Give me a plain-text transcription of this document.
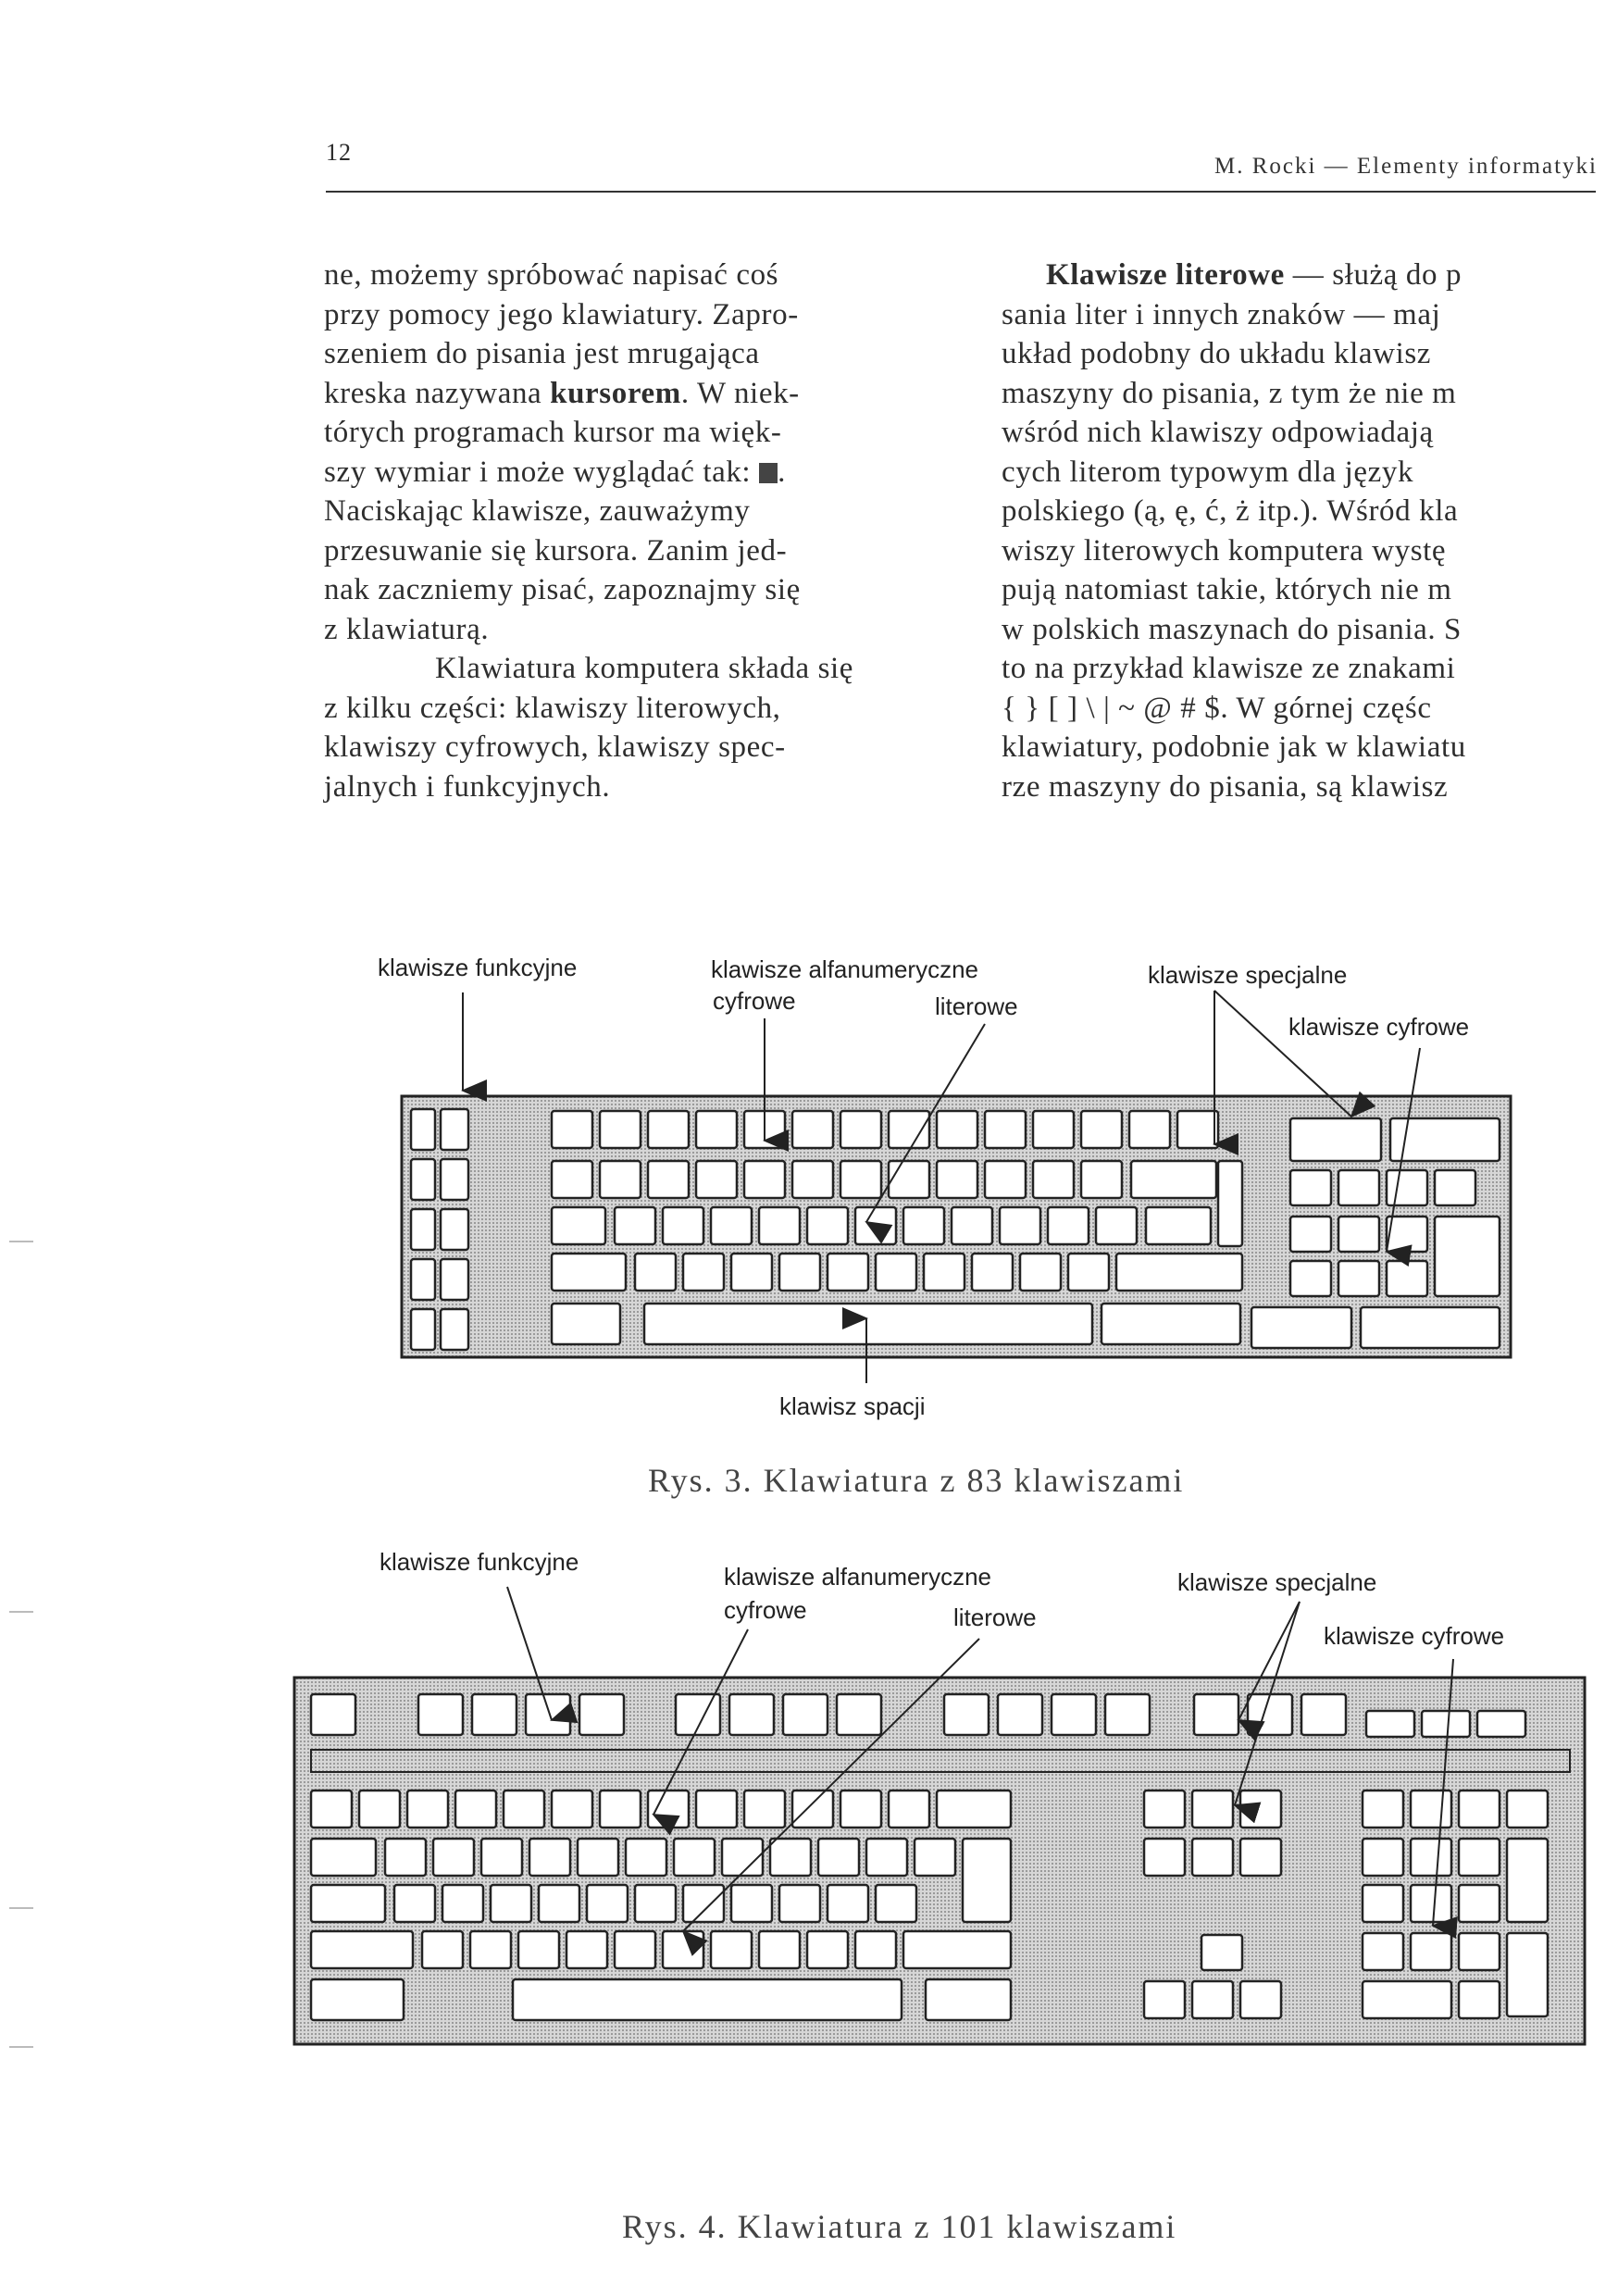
12
M. Rocki — Elementy informatyki

ne, możemy spróbować napisać coś
przy pomocy jego klawiatury. Zapro-
szeniem do pisania jest mrugająca
kreska nazywana kursorem. W niek-
tórych programach kursor ma więk-
szy wymiar i może wyglądać tak: .
Naciskając klawisze, zauważymy
przesuwanie się kursora. Zanim jed-
nak zaczniemy pisać, zapoznajmy się
z klawiaturą.

Klawiatura komputera składa się
z kilku części: klawiszy literowych,
klawiszy cyfrowych, klawiszy spec-
jalnych i funkcyjnych.

Klawisze literowe — służą do p
sania liter i innych znaków — maj
układ podobny do układu klawisz
maszyny do pisania, z tym że nie m
wśród nich klawiszy odpowiadają
cych literom typowym dla język
polskiego (ą, ę, ć, ż itp.). Wśród kla
wiszy literowych komputera wystę
pują natomiast takie, których nie m
w polskich maszynach do pisania. S
to na przykład klawisze ze znakami
{ } [ ] \ | ~ @ # $. W górnej częśc
klawiatury, podobnie jak w klawiatu
rze maszyny do pisania, są klawisz
klawisze funkcyjne	klawisze alfanumeryczne
cyfrowe	literowe
klawisze specjalne
klawisze cyfrowe
klawisz spacji
Rys. 3. Klawiatura z 83 klawiszami
klawisze funkcyjne
klawisze alfanumeryczne
cyfrowe	literowe
klawisze specjalne
klawisze cyfrowe
Rys. 4. Klawiatura z 101 klawiszami
